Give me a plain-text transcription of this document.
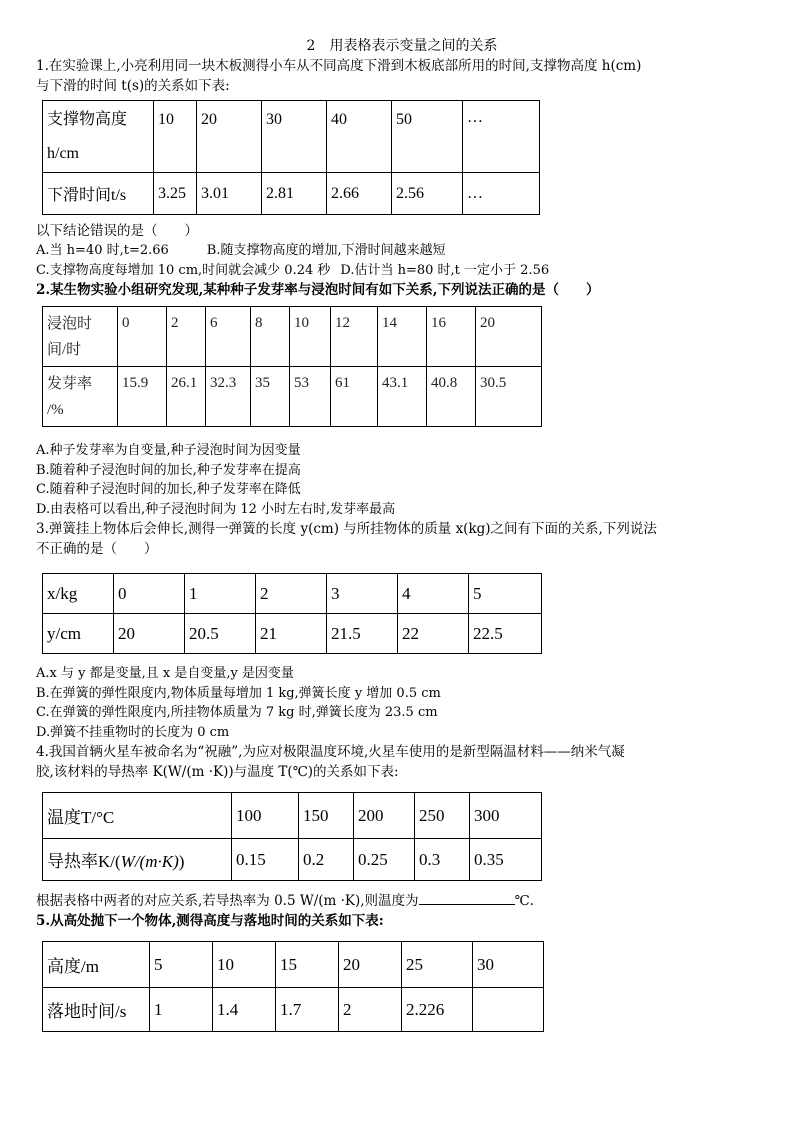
2　用表格表示变量之间的关系

1.在实验课上,小亮利用同一块木板测得小车从不同高度下滑到木板底部所用的时间,支撑物高度 h(cm)

与下滑的时间 t(s)的关系如下表:

支撑物高度
h/cm	10	20	30	40	50	…
下滑时间t/s	3.25	3.01	2.81	2.66	2.56	…

以下结论错误的是（　　）

A.当 h=40 时,t=2.66	B.随支撑物高度的增加,下滑时间越来越短

C.支撑物高度每增加 10 cm,时间就会减少 0.24 秒 D.估计当 h=80 时,t 一定小于 2.56

2.某生物实验小组研究发现,某种种子发芽率与浸泡时间有如下关系,下列说法正确的是（　　）

浸泡时
间/时	0	2	6	8	10	12	14	16	20
发芽率
/%	15.9	26.1	32.3	35	53	61	43.1	40.8	30.5

A.种子发芽率为自变量,种子浸泡时间为因变量

B.随着种子浸泡时间的加长,种子发芽率在提高

C.随着种子浸泡时间的加长,种子发芽率在降低

D.由表格可以看出,种子浸泡时间为 12 小时左右时,发芽率最高

3.弹簧挂上物体后会伸长,测得一弹簧的长度 y(cm) 与所挂物体的质量 x(kg)之间有下面的关系,下列说法

不正确的是（　　）

x/kg	0	1	2	3	4	5
y/cm	20	20.5	21	21.5	22	22.5

A.x 与 y 都是变量,且 x 是自变量,y 是因变量

B.在弹簧的弹性限度内,物体质量每增加 1 kg,弹簧长度 y 增加 0.5 cm

C.在弹簧的弹性限度内,所挂物体质量为 7 kg 时,弹簧长度为 23.5 cm

D.弹簧不挂重物时的长度为 0 cm

4.我国首辆火星车被命名为“祝融”,为应对极限温度环境,火星车使用的是新型隔温材料——纳米气凝

胶,该材料的导热率 K(W/(m ·K))与温度 T(℃)的关系如下表:

温度T/°C	100	150	200	250	300
导热率K/(W/(m·K))	0.15	0.2	0.25	0.3	0.35

根据表格中两者的对应关系,若导热率为 0.5 W/(m ·K),则温度为	℃.

5.从高处抛下一个物体,测得高度与落地时间的关系如下表:

高度/m	5	10	15	20	25	30
落地时间/s	1	1.4	1.7	2	2.226	
